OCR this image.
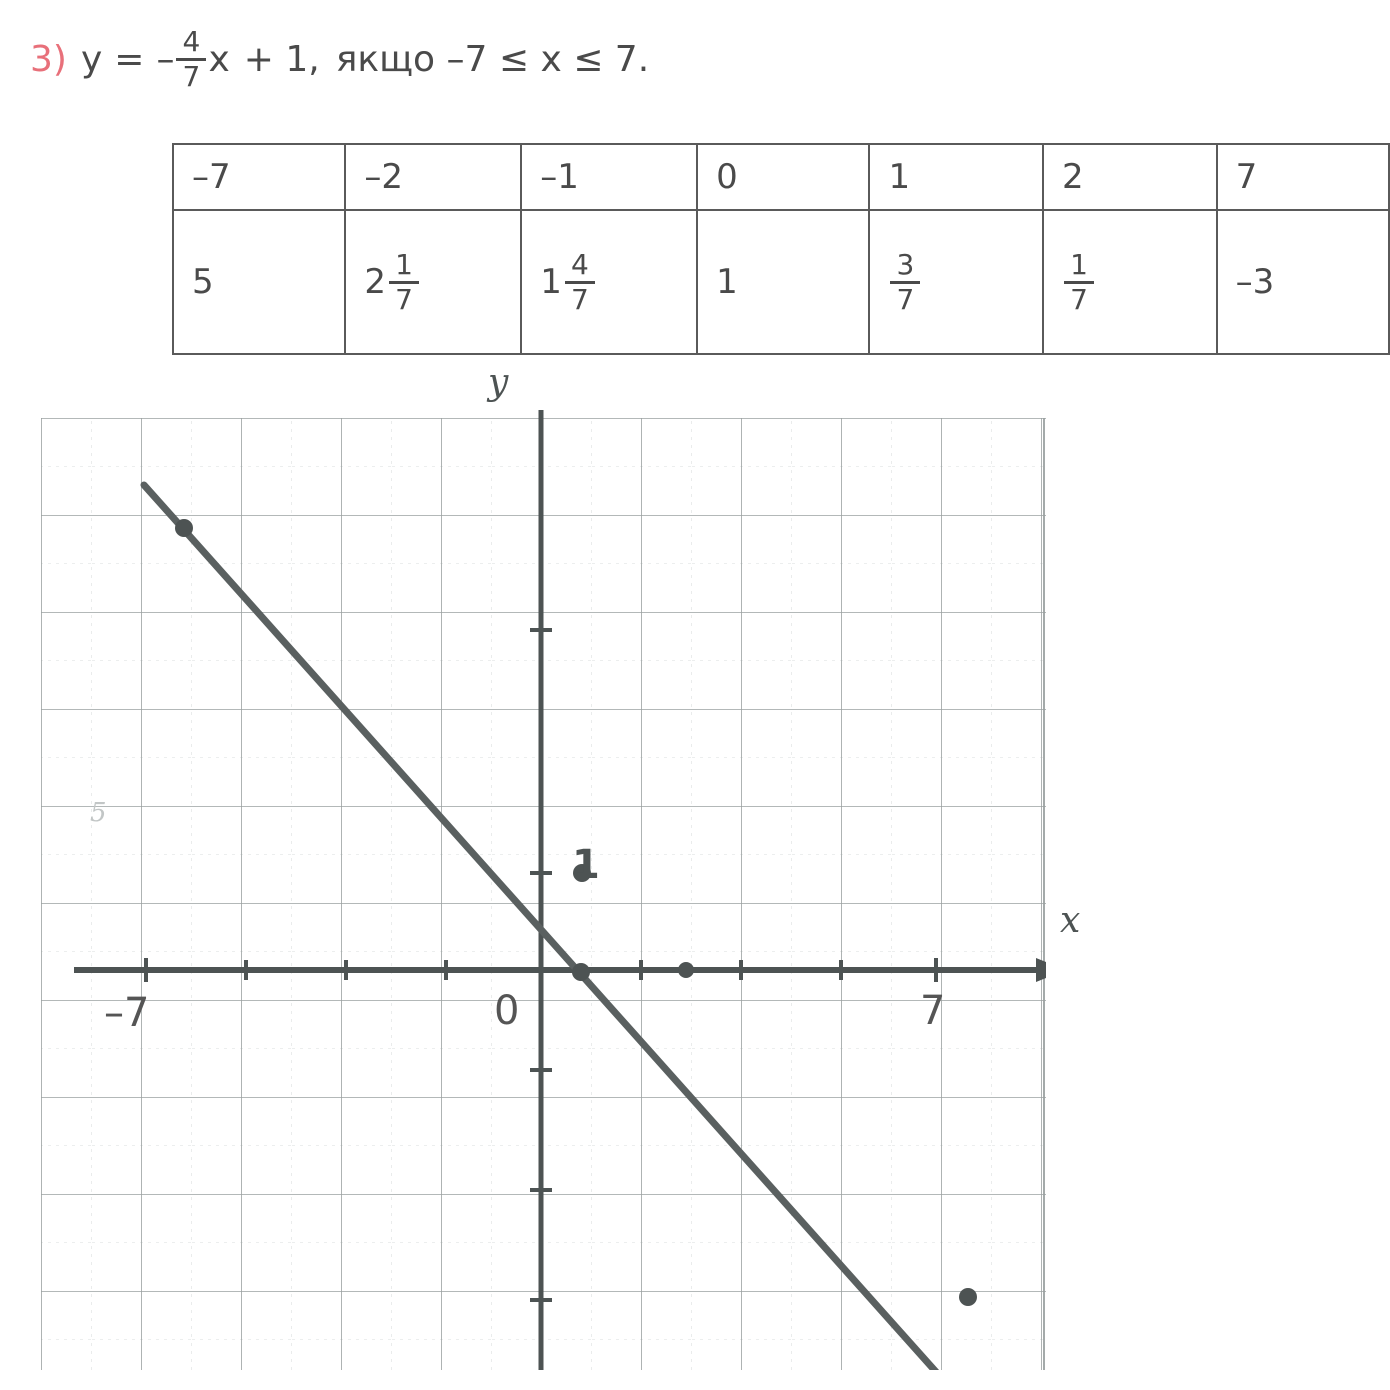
3) y = – $\frac{4}{7}$ x + 1, якщо –7 ≤ x ≤ 7.
–7	–2	–1	0	1	2	7

5	$2 \frac{1}{7}$	$1 \frac{4}{7}$	1	$\frac{3}{7}$	$\frac{1}{7}$	–3
y
x
–7	7
0
1
5
